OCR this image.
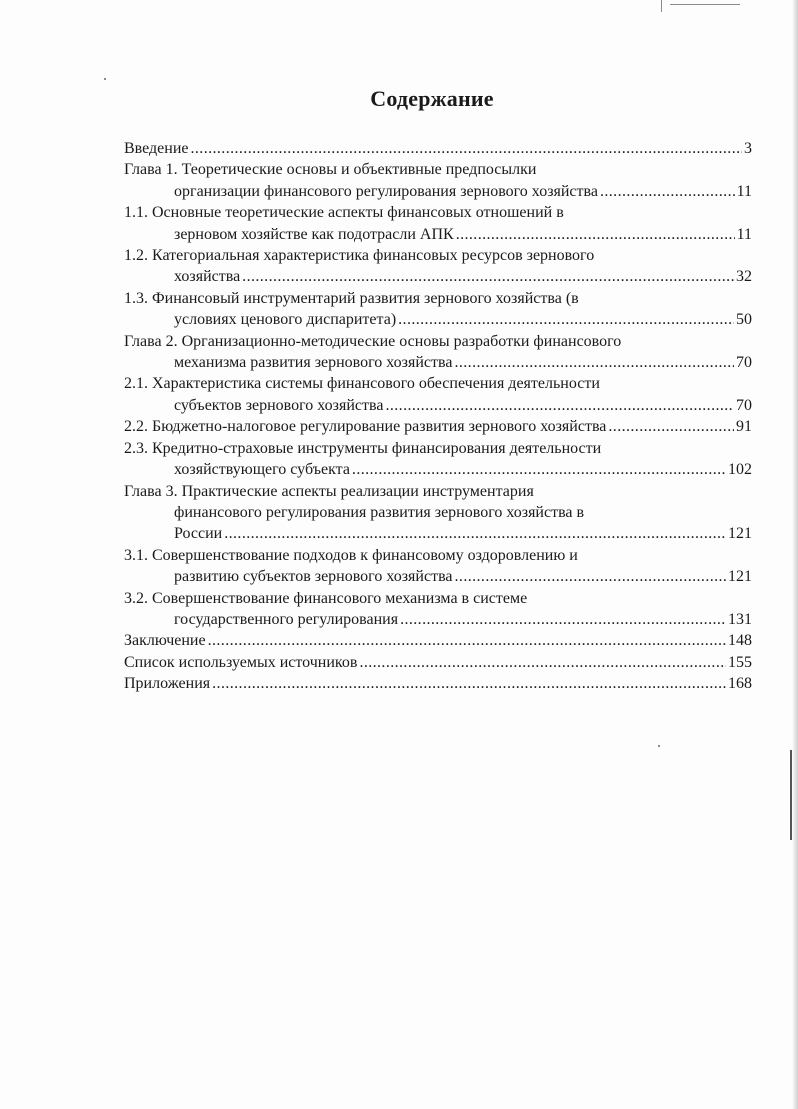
Содержание
Введение .....	3
Глава 1. Теоретические основы и объективные предпосылки
организации финансового регулирования зернового хозяйства .....	11
1.1. Основные теоретические аспекты финансовых отношений в
зерновом хозяйстве как подотрасли АПК .....	11
1.2. Категориальная характеристика финансовых ресурсов зернового
хозяйства .....	32
1.3. Финансовый инструментарий развития зернового хозяйства (в
условиях ценового диспаритета) .....	50
Глава 2. Организационно-методические основы разработки финансового
механизма развития зернового хозяйства .....	70
2.1. Характеристика системы финансового обеспечения деятельности
субъектов зернового хозяйства .....	70
2.2. Бюджетно-налоговое регулирование развития зернового хозяйства .....	91
2.3. Кредитно-страховые инструменты финансирования деятельности
хозяйствующего субъекта .....	102
Глава 3. Практические аспекты реализации инструментария
финансового регулирования развития зернового хозяйства в
России .....	121
3.1. Совершенствование подходов к финансовому оздоровлению и
развитию субъектов зернового хозяйства .....	121
3.2. Совершенствование финансового механизма в системе
государственного регулирования .....	131
Заключение .....	148
Список используемых источников .....	155
Приложения .....	168
